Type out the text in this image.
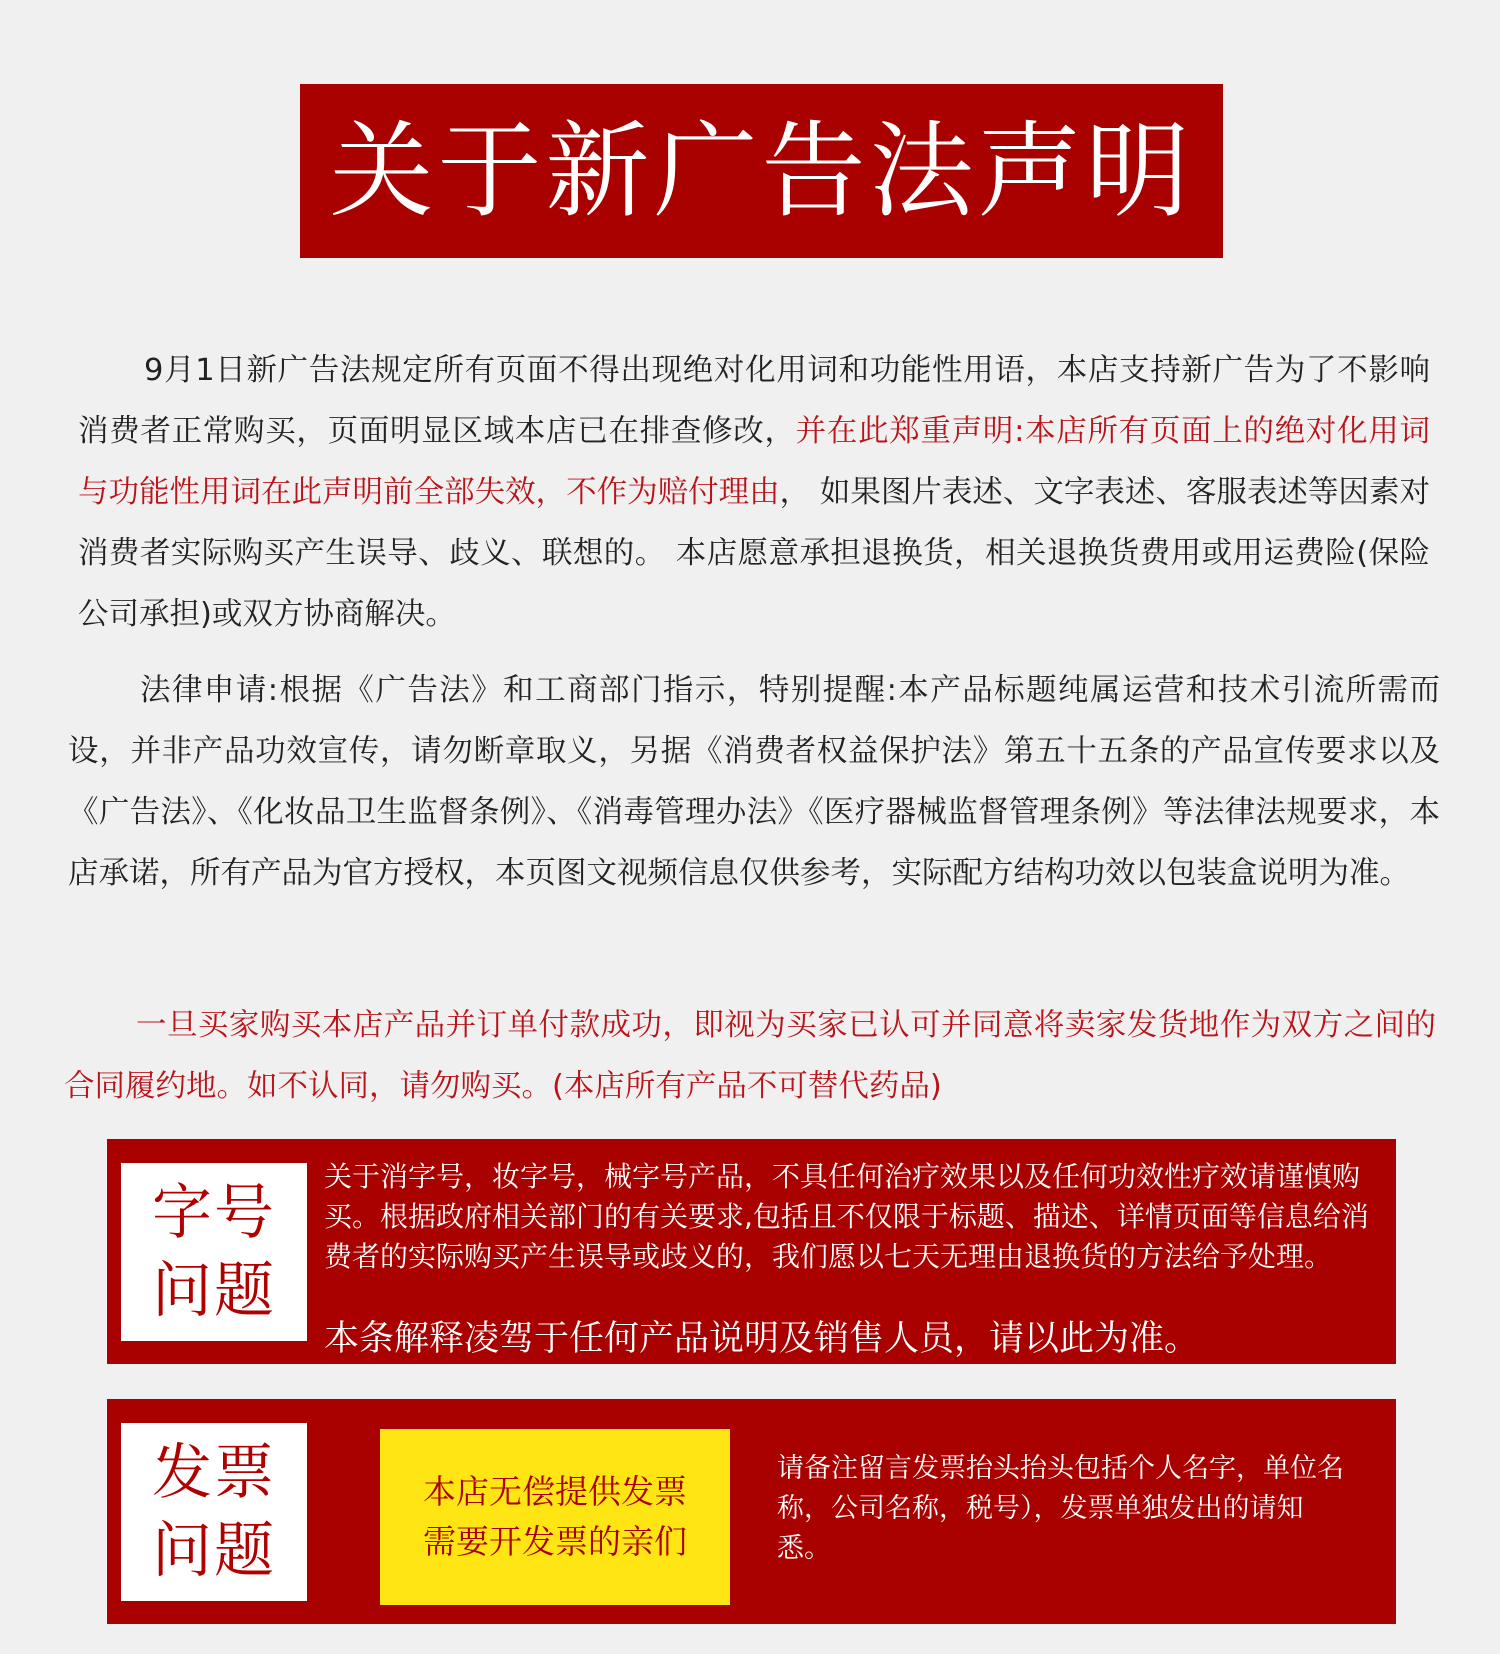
关于新广告法声明

9月1日新广告法规定所有页面不得出现绝对化用词和功能性用语，本店支持新广告为了不影响消费者正常购买，页面明显区域本店已在排查修改，并在此郑重声明:本店所有页面上的绝对化用词与功能性用词在此声明前全部失效，不作为赔付理由， 如果图片表述、文字表述、客服表述等因素对消费者实际购买产生误导、歧义、联想的。 本店愿意承担退换货，相关退换货费用或用运费险(保险公司承担)或双方协商解决。

法律申请:根据《广告法》和工商部门指示，特别提醒:本产品标题纯属运营和技术引流所需而设，并非产品功效宣传，请勿断章取义，另据《消费者权益保护法》第五十五条的产品宣传要求以及《广告法》、《化妆品卫生监督条例》、《消毒管理办法》《医疗器械监督管理条例》等法律法规要求，本店承诺，所有产品为官方授权，本页图文视频信息仅供参考，实际配方结构功效以包装盒说明为准。

一旦买家购买本店产品并订单付款成功，即视为买家已认可并同意将卖家发货地作为双方之间的合同履约地。如不认同，请勿购买。(本店所有产品不可替代药品)

字号
问题

关于消字号，妆字号，械字号产品，不具任何治疗效果以及任何功效性疗效请谨慎购买。根据政府相关部门的有关要求,包括且不仅限于标题、描述、详情页面等信息给消费者的实际购买产生误导或歧义的，我们愿以七天无理由退换货的方法给予处理。

本条解释凌驾于任何产品说明及销售人员，请以此为准。

发票
问题
本店无偿提供发票
需要开发票的亲们

请备注留言发票抬头抬头包括个人名字，单位名称，公司名称，税号），发票单独发出的请知悉。
